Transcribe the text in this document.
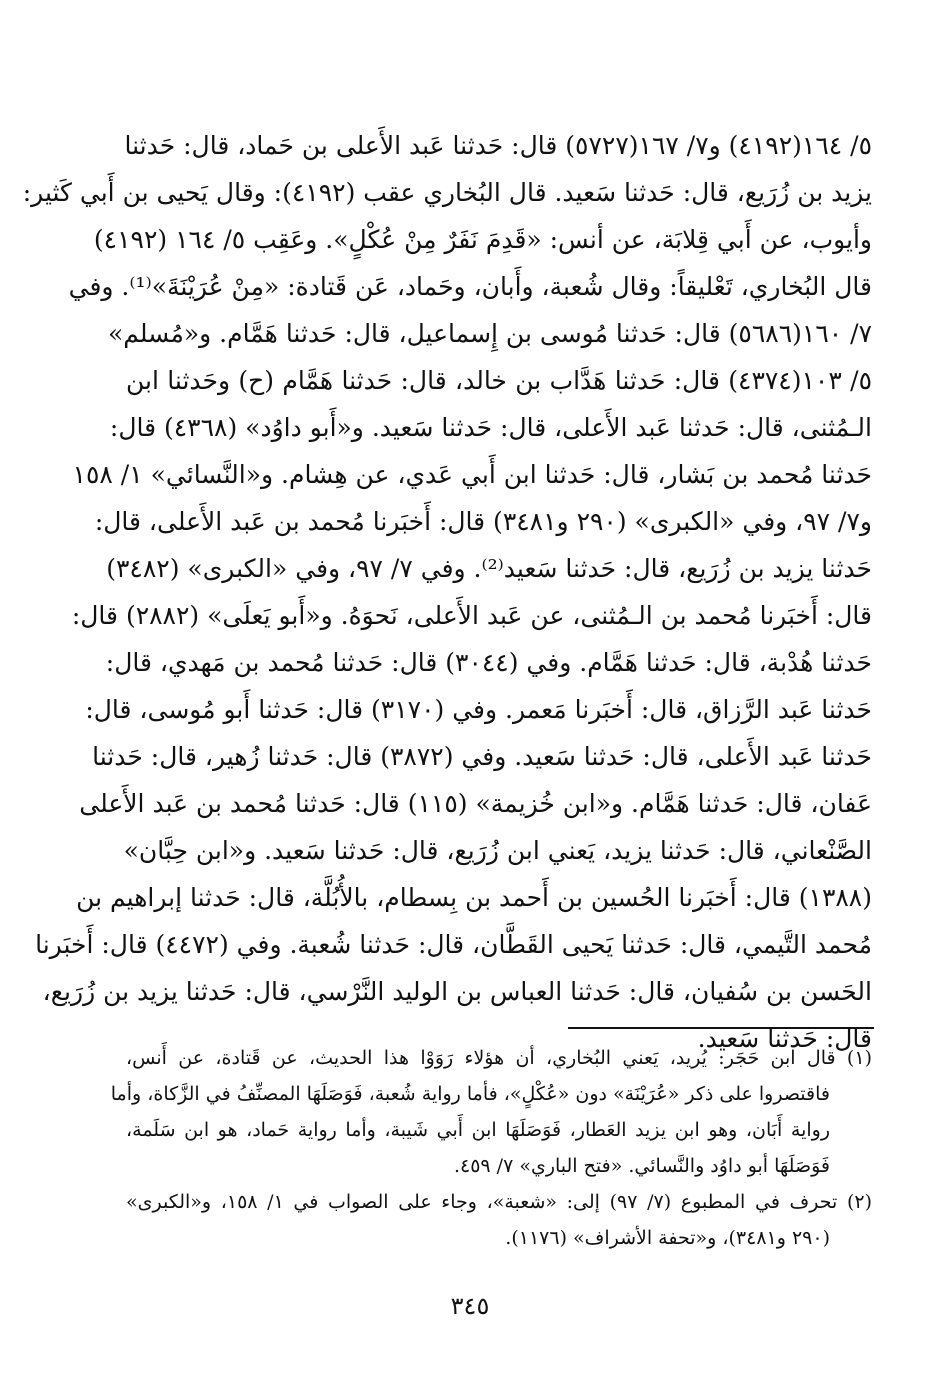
٥/ ١٦٤(٤١٩٢) و٧/ ١٦٧(٥٧٢٧) قال: حَدثنا عَبد الأَعلى بن حَماد، قال: حَدثنا
يزيد بن زُرَيع، قال: حَدثنا سَعيد. قال البُخاري عقب (٤١٩٢): وقال يَحيى بن أَبي كَثير:
وأيوب، عن أَبي قِلابَة، عن أنس: «قَدِمَ نَفَرٌ مِنْ عُكْلٍ». وعَقِب ٥/ ١٦٤ (٤١٩٢)
قال البُخاري، تَعْليقاً: وقال شُعبة، وأَبان، وحَماد، عَن قَتادة: «مِنْ عُرَيْنَةَ»⁽¹⁾. وفي
٧/ ١٦٠(٥٦٨٦) قال: حَدثنا مُوسى بن إِسماعيل، قال: حَدثنا هَمَّام. و«مُسلم»
٥/ ١٠٣(٤٣٧٤) قال: حَدثنا هَدَّاب بن خالد، قال: حَدثنا هَمَّام (ح) وحَدثنا ابن
الـمُثنى، قال: حَدثنا عَبد الأَعلى، قال: حَدثنا سَعيد. و«أَبو داوُد» (٤٣٦٨) قال:
حَدثنا مُحمد بن بَشار، قال: حَدثنا ابن أَبي عَدي، عن هِشام. و«النَّسائي» ١/ ١٥٨
و٧/ ٩٧، وفي «الكبرى» (٢٩٠ و٣٤٨١) قال: أَخبَرنا مُحمد بن عَبد الأَعلى، قال:
حَدثنا يزيد بن زُرَيع، قال: حَدثنا سَعيد⁽²⁾. وفي ٧/ ٩٧، وفي «الكبرى» (٣٤٨٢)
قال: أَخبَرنا مُحمد بن الـمُثنى، عن عَبد الأَعلى، نَحوَهُ. و«أَبو يَعلَى» (٢٨٨٢) قال:
حَدثنا هُدْبة، قال: حَدثنا هَمَّام. وفي (٣٠٤٤) قال: حَدثنا مُحمد بن مَهدي، قال:
حَدثنا عَبد الرَّزاق، قال: أَخبَرنا مَعمر. وفي (٣١٧٠) قال: حَدثنا أَبو مُوسى، قال:
حَدثنا عَبد الأَعلى، قال: حَدثنا سَعيد. وفي (٣٨٧٢) قال: حَدثنا زُهير، قال: حَدثنا
عَفان، قال: حَدثنا هَمَّام. و«ابن خُزيمة» (١١٥) قال: حَدثنا مُحمد بن عَبد الأَعلى
الصَّنْعاني، قال: حَدثنا يزيد، يَعني ابن زُرَيع، قال: حَدثنا سَعيد. و«ابن حِبَّان»
(١٣٨٨) قال: أَخبَرنا الحُسين بن أَحمد بن بِسطام، بالأُبُلَّة، قال: حَدثنا إبراهيم بن
مُحمد التَّيمي، قال: حَدثنا يَحيى القَطَّان، قال: حَدثنا شُعبة. وفي (٤٤٧٢) قال: أَخبَرنا
الحَسن بن سُفيان، قال: حَدثنا العباس بن الوليد النَّرْسي، قال: حَدثنا يزيد بن زُرَيع،
قال: حَدثنا سَعيد.
(١) قال ابن حَجَر: يُريد، يَعني البُخاري، أن هؤلاء رَوَوْا هذا الحديث، عن قَتادة، عن أَنس،
فاقتصروا على ذكر «عُرَيْنَة» دون «عُكْلٍ»، فأما رواية شُعبة، فَوَصَلَهَا المصنِّفُ في الزَّكاة، وأما
رواية أَبَان، وهو ابن يزيد العَطار، فَوَصَلَهَا ابن أَبي شَيبة، وأما رواية حَماد، هو ابن سَلَمة،
فَوَصَلَهَا أبو داوُد والنَّسائي. «فتح الباري» ٧/ ٤٥٩.
(٢) تحرف في المطبوع (٧/ ٩٧) إلى: «شعبة»، وجاء على الصواب في ١/ ١٥٨، و«الكبرى»
(٢٩٠ و٣٤٨١)، و«تحفة الأشراف» (١١٧٦).
٣٤٥
